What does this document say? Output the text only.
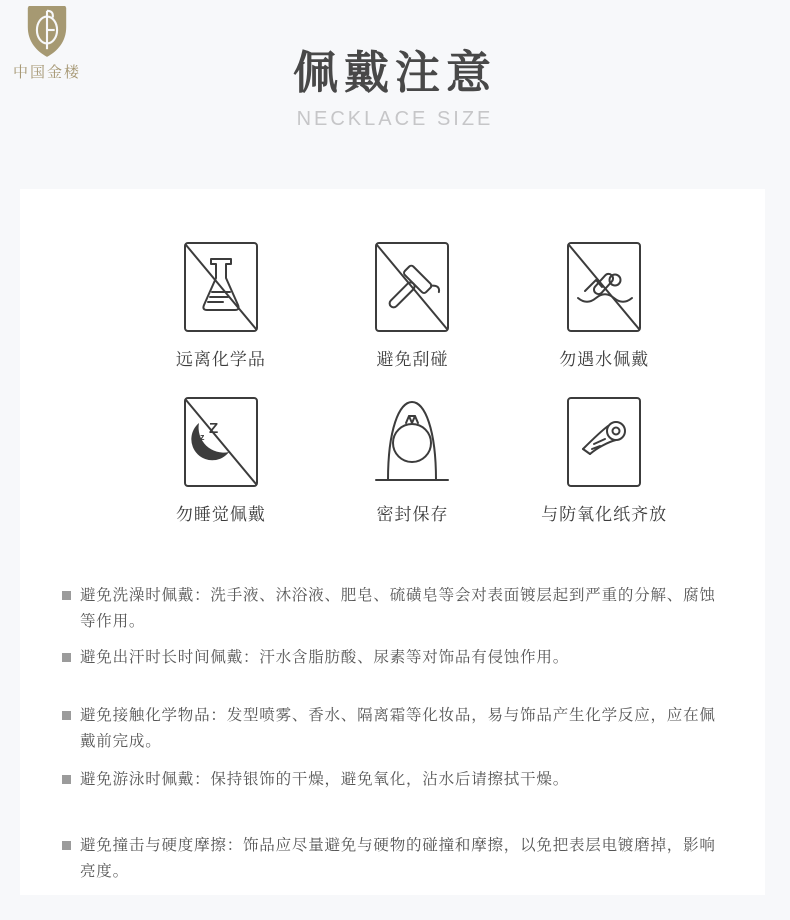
中国金楼	佩戴注意
NECKLACE SIZE
远离化学品	避免刮碰	勿遇水佩戴
Z
z
勿睡觉佩戴	密封保存	与防氧化纸齐放
避免洗澡时佩戴：洗手液、沐浴液、肥皂、硫磺皂等会对表面镀层起到严重的分解、腐蚀等作用。
避免出汗时长时间佩戴：汗水含脂肪酸、尿素等对饰品有侵蚀作用。
避免接触化学物品：发型喷雾、香水、隔离霜等化妆品，易与饰品产生化学反应，应在佩戴前完成。
避免游泳时佩戴：保持银饰的干燥，避免氧化，沾水后请擦拭干燥。
避免撞击与硬度摩擦：饰品应尽量避免与硬物的碰撞和摩擦，以免把表层电镀磨掉，影响亮度。
